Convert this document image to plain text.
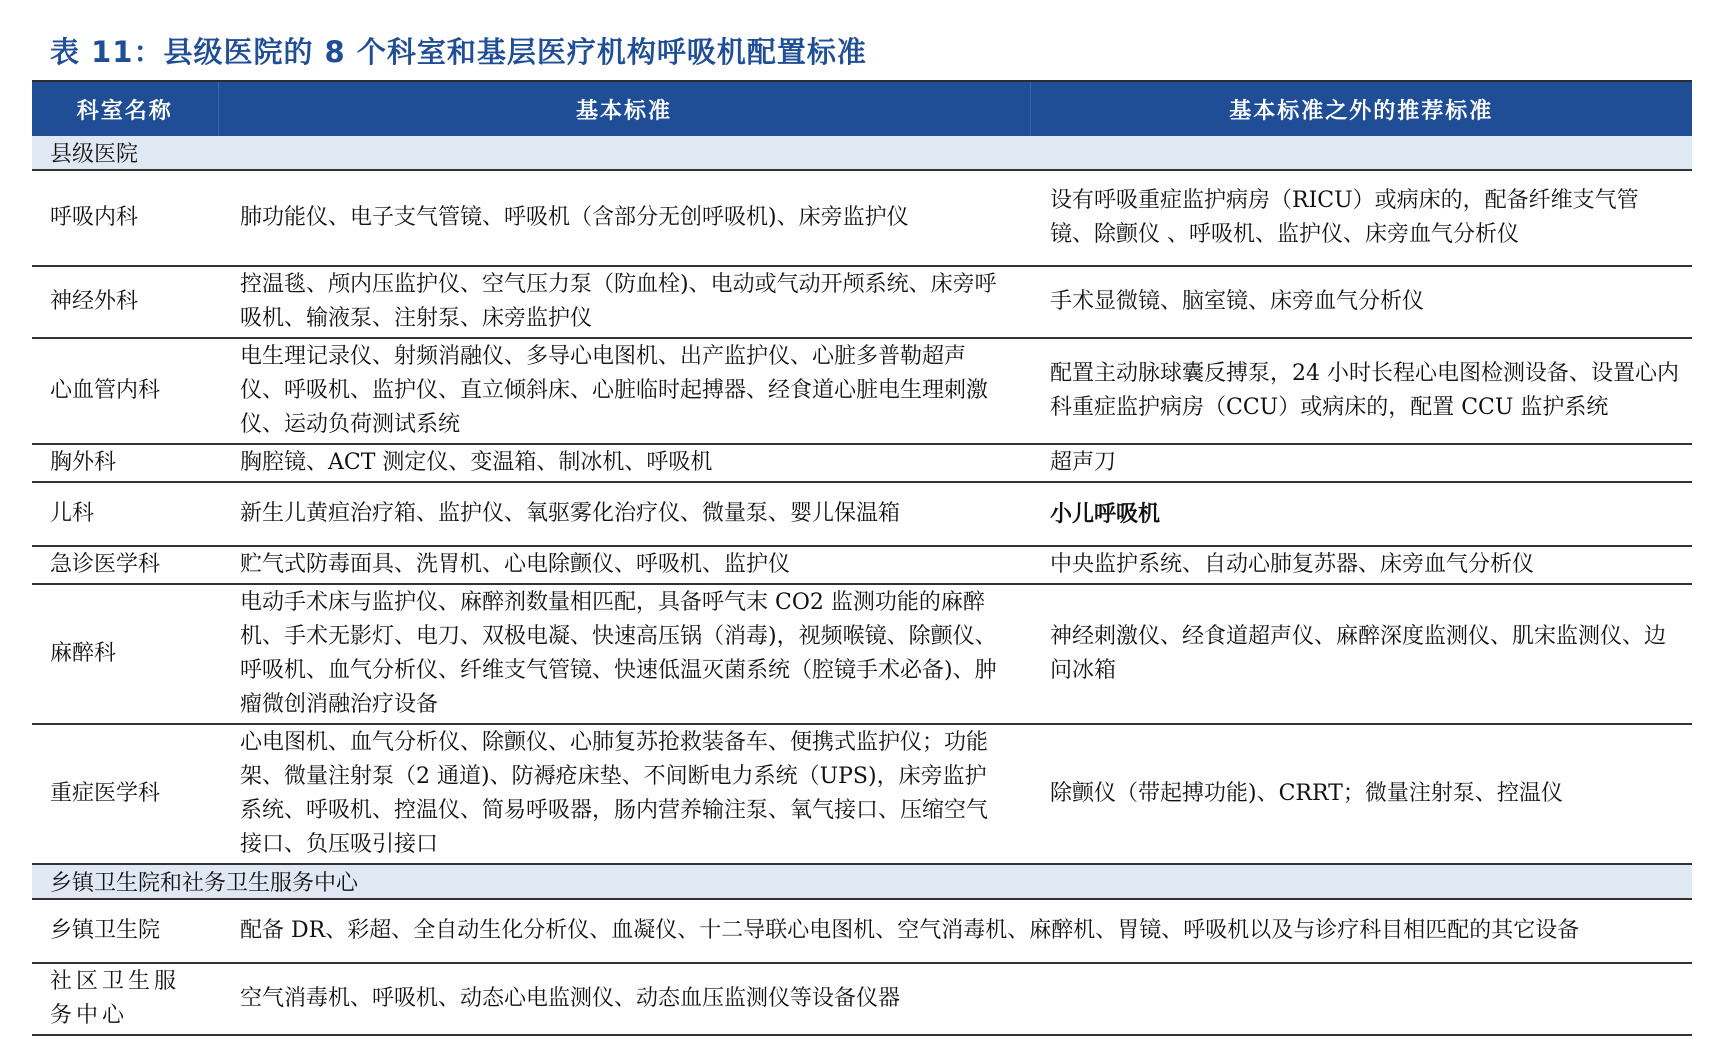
表 11：县级医院的 8 个科室和基层医疗机构呼吸机配置标准
科室名称	基本标准	基本标准之外的推荐标准
县级医院		
呼吸内科	肺功能仪、电子支气管镜、呼吸机（含部分无创呼吸机)、床旁监护仪	设有呼吸重症监护病房（RICU）或病床的，配备纤维支气管镜、除颤仪 、呼吸机、监护仪、床旁血气分析仪
神经外科	控温毯、颅内压监护仪、空气压力泵（防血栓)、电动或气动开颅系统、床旁呼吸机、输液泵、注射泵、床旁监护仪	手术显微镜、脑室镜、床旁血气分析仪
心血管内科	电生理记录仪、射频消融仪、多导心电图机、出产监护仪、心脏多普勒超声仪、呼吸机、监护仪、直立倾斜床、心脏临时起搏器、经食道心脏电生理刺激仪、运动负荷测试系统	配置主动脉球囊反搏泵，24 小时长程心电图检测设备、设置心内科重症监护病房（CCU）或病床的，配置 CCU 监护系统
胸外科	胸腔镜、ACT 测定仪、变温箱、制冰机、呼吸机	超声刀
儿科	新生儿黄疸治疗箱、监护仪、氧驱雾化治疗仪、微量泵、婴儿保温箱	小儿呼吸机
急诊医学科	贮气式防毒面具、洗胃机、心电除颤仪、呼吸机、监护仪	中央监护系统、自动心肺复苏器、床旁血气分析仪
麻醉科	电动手术床与监护仪、麻醉剂数量相匹配，具备呼气末 CO2 监测功能的麻醉机、手术无影灯、电刀、双极电凝、快速高压锅（消毒)，视频喉镜、除颤仪、呼吸机、血气分析仪、纤维支气管镜、快速低温灭菌系统（腔镜手术必备)、肿瘤微创消融治疗设备	神经刺激仪、经食道超声仪、麻醉深度监测仪、肌宋监测仪、边问冰箱
重症医学科	心电图机、血气分析仪、除颤仪、心肺复苏抢救装备车、便携式监护仪；功能架、微量注射泵（2 通道)、防褥疮床垫、不间断电力系统（UPS)，床旁监护系统、呼吸机、控温仪、简易呼吸器，肠内营养输注泵、氧气接口、压缩空气接口、负压吸引接口	除颤仪（带起搏功能)、CRRT；微量注射泵、控温仪
乡镇卫生院和社务卫生服务中心		
乡镇卫生院	配备 DR、彩超、全自动生化分析仪、血凝仪、十二导联心电图机、空气消毒机、麻醉机、胃镜、呼吸机以及与诊疗科目相匹配的其它设备	
社区卫生服务中心	空气消毒机、呼吸机、动态心电监测仪、动态血压监测仪等设备仪器	
